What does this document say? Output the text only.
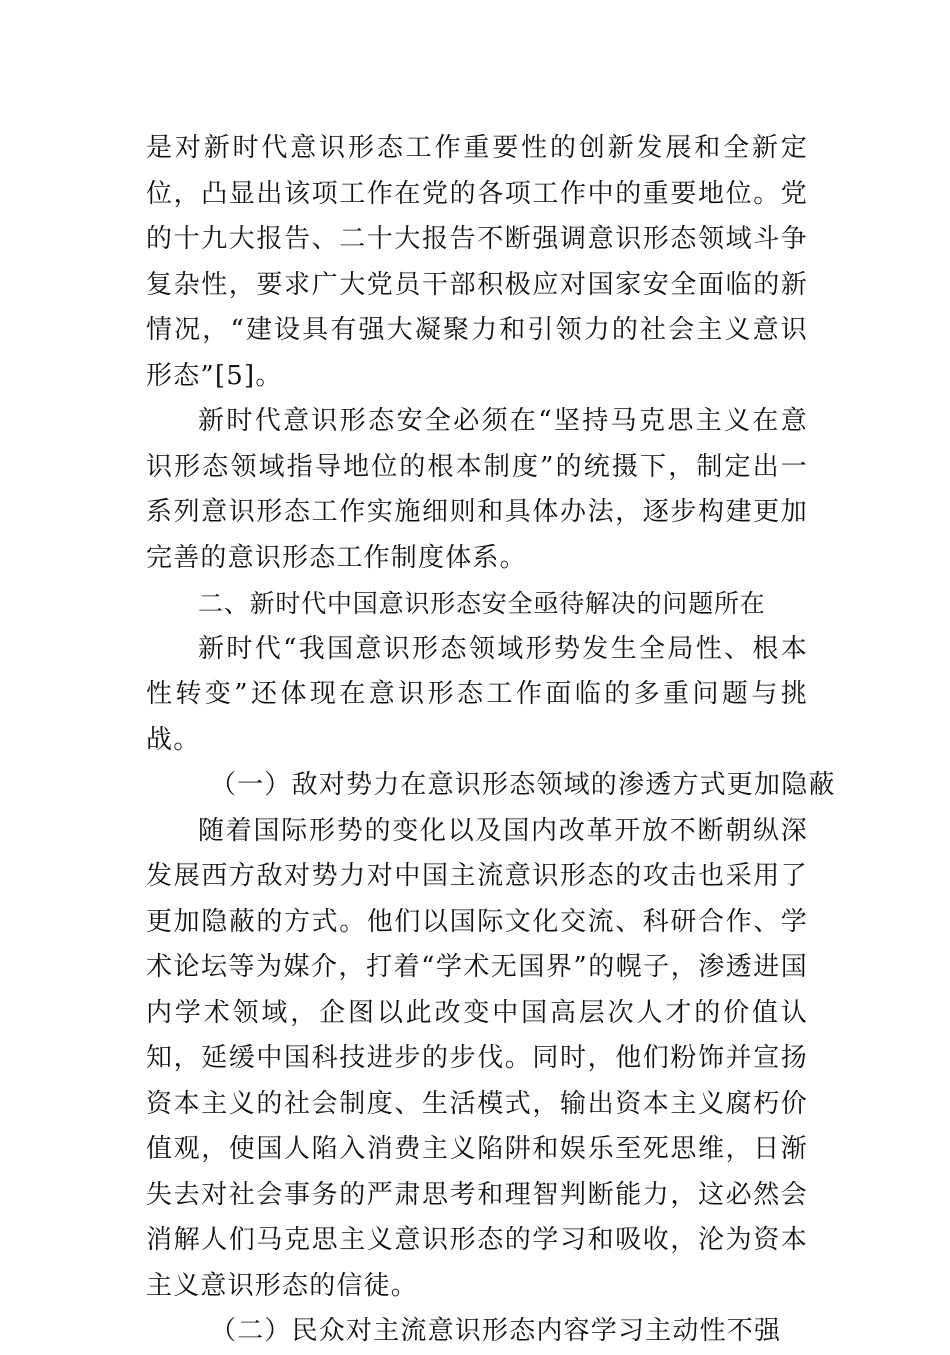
是对新时代意识形态工作重要性的创新发展和全新定位，凸显出该项工作在党的各项工作中的重要地位。党的十九大报告、二十大报告不断强调意识形态领域斗争复杂性，要求广大党员干部积极应对国家安全面临的新情况，“建设具有强大凝聚力和引领力的社会主义意识形态”[5]。

新时代意识形态安全必须在“坚持马克思主义在意识形态领域指导地位的根本制度”的统摄下，制定出一系列意识形态工作实施细则和具体办法，逐步构建更加完善的意识形态工作制度体系。

二、新时代中国意识形态安全亟待解决的问题所在

新时代“我国意识形态领域形势发生全局性、根本性转变”还体现在意识形态工作面临的多重问题与挑战。

（一）敌对势力在意识形态领域的渗透方式更加隐蔽

随着国际形势的变化以及国内改革开放不断朝纵深发展西方敌对势力对中国主流意识形态的攻击也采用了更加隐蔽的方式。他们以国际文化交流、科研合作、学术论坛等为媒介，打着“学术无国界”的幌子，渗透进国内学术领域，企图以此改变中国高层次人才的价值认知，延缓中国科技进步的步伐。同时，他们粉饰并宣扬资本主义的社会制度、生活模式，输出资本主义腐朽价值观，使国人陷入消费主义陷阱和娱乐至死思维，日渐失去对社会事务的严肃思考和理智判断能力，这必然会消解人们马克思主义意识形态的学习和吸收，沦为资本主义意识形态的信徒。

（二）民众对主流意识形态内容学习主动性不强
